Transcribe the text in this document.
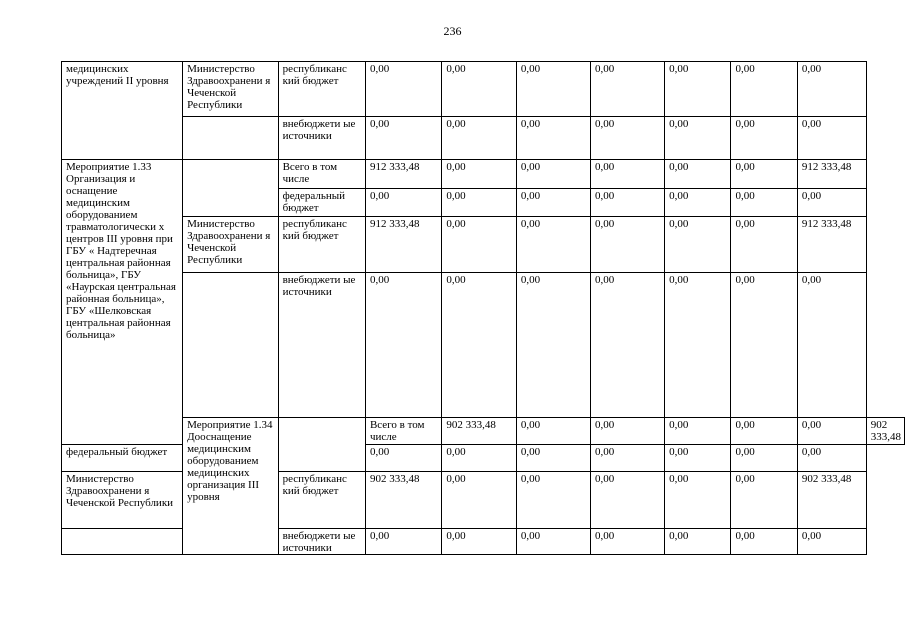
236
медицинских учреждений II уровня	Министерство Здравоохранени я Чеченской Республики	республиканс кий бюджет	0,00	0,00	0,00	0,00	0,00	0,00	0,00	
		внебюджети ые источники	0,00	0,00	0,00	0,00	0,00	0,00	0,00	
Мероприятие 1.33 Организация и оснащение медицинским оборудованием травматологически х центров III уровня при ГБУ « Надтеречная центральная районная больница», ГБУ «Наурская центральная районная больница», ГБУ «Шелковская центральная районная больница»		Всего в том числе	912 333,48	0,00	0,00	0,00	0,00	0,00	912 333,48	
		федеральный бюджет	0,00	0,00	0,00	0,00	0,00	0,00	0,00	
	Министерство Здравоохранени я Чеченской Республики	республиканс кий бюджет	912 333,48	0,00	0,00	0,00	0,00	0,00	912 333,48	
		внебюджети ые источники	0,00	0,00	0,00	0,00	0,00	0,00	0,00	
	Мероприятие 1.34 Дооснащение медицинским оборудованием медицинских организация III уровня		Всего в том числе	902 333,48	0,00	0,00	0,00	0,00	0,00	902 333,48
федеральный бюджет			0,00	0,00	0,00	0,00	0,00	0,00	0,00	
Министерство Здравоохранени я Чеченской Республики		республиканс кий бюджет	902 333,48	0,00	0,00	0,00	0,00	0,00	902 333,48	
		внебюджети ые источники	0,00	0,00	0,00	0,00	0,00	0,00	0,00	
